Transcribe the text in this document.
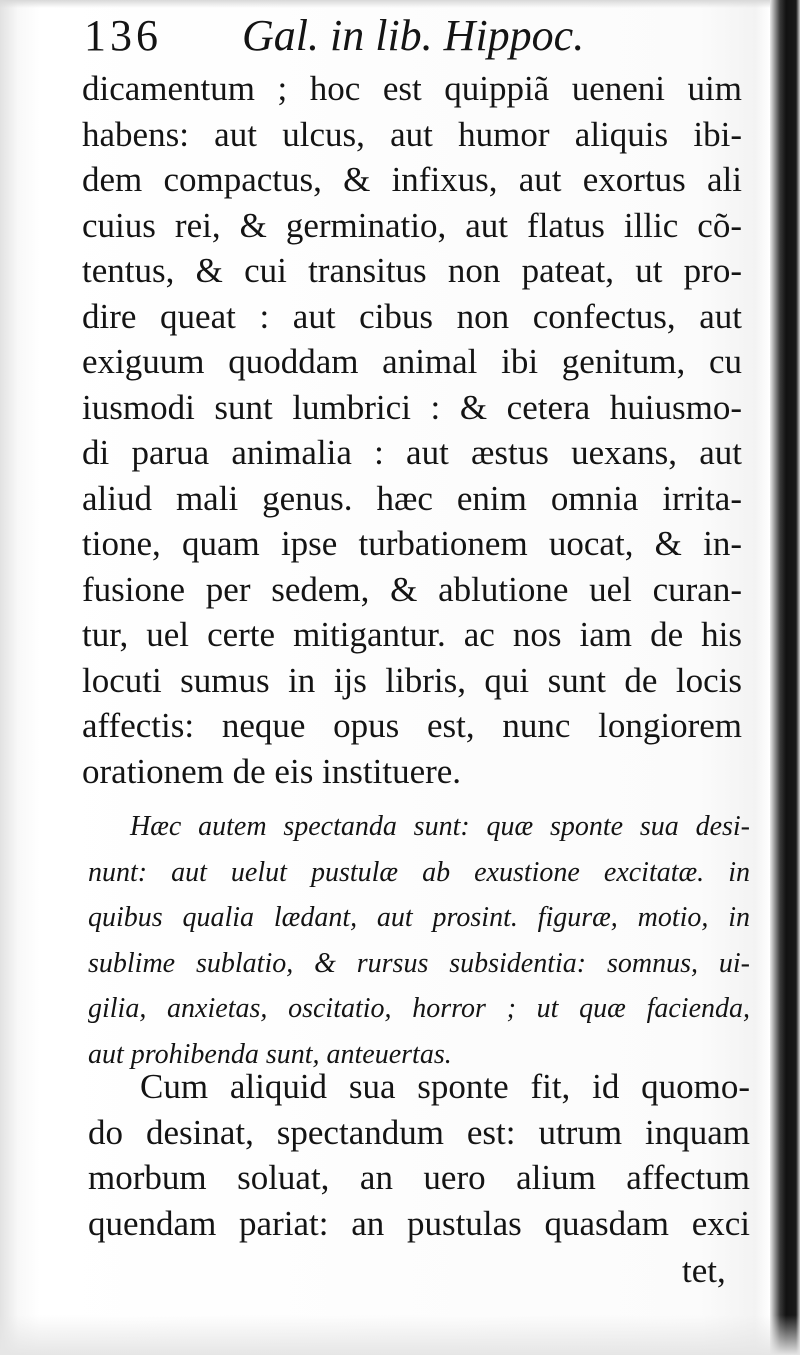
136 Gal. in lib. Hippoc.
dicamentum ; hoc est quippiã ueneni uim
habens: aut ulcus, aut humor aliquis ibi-
dem compactus, & infixus, aut exortus ali
cuius rei, & germinatio, aut flatus illic cõ-
tentus, & cui transitus non pateat, ut pro-
dire queat : aut cibus non confectus, aut
exiguum quoddam animal ibi genitum, cu
iusmodi sunt lumbrici : & cetera huiusmo-
di parua animalia : aut æstus uexans, aut
aliud mali genus. hæc enim omnia irrita-
tione, quam ipse turbationem uocat, & in-
fusione per sedem, & ablutione uel curan-
tur, uel certe mitigantur. ac nos iam de his
locuti sumus in ijs libris, qui sunt de locis
affectis: neque opus est, nunc longiorem
orationem de eis instituere.
Hæc autem spectanda sunt: quæ sponte sua desi-
nunt: aut uelut pustulæ ab exustione excitatæ. in
quibus qualia lædant, aut prosint. figuræ, motio, in
sublime sublatio, & rursus subsidentia: somnus, ui-
gilia, anxietas, oscitatio, horror ; ut quæ facienda,
aut prohibenda sunt, anteuertas.
Cum aliquid sua sponte fit, id quomo-
do desinat, spectandum est: utrum inquam
morbum soluat, an uero alium affectum
quendam pariat: an pustulas quasdam exci
tet,
